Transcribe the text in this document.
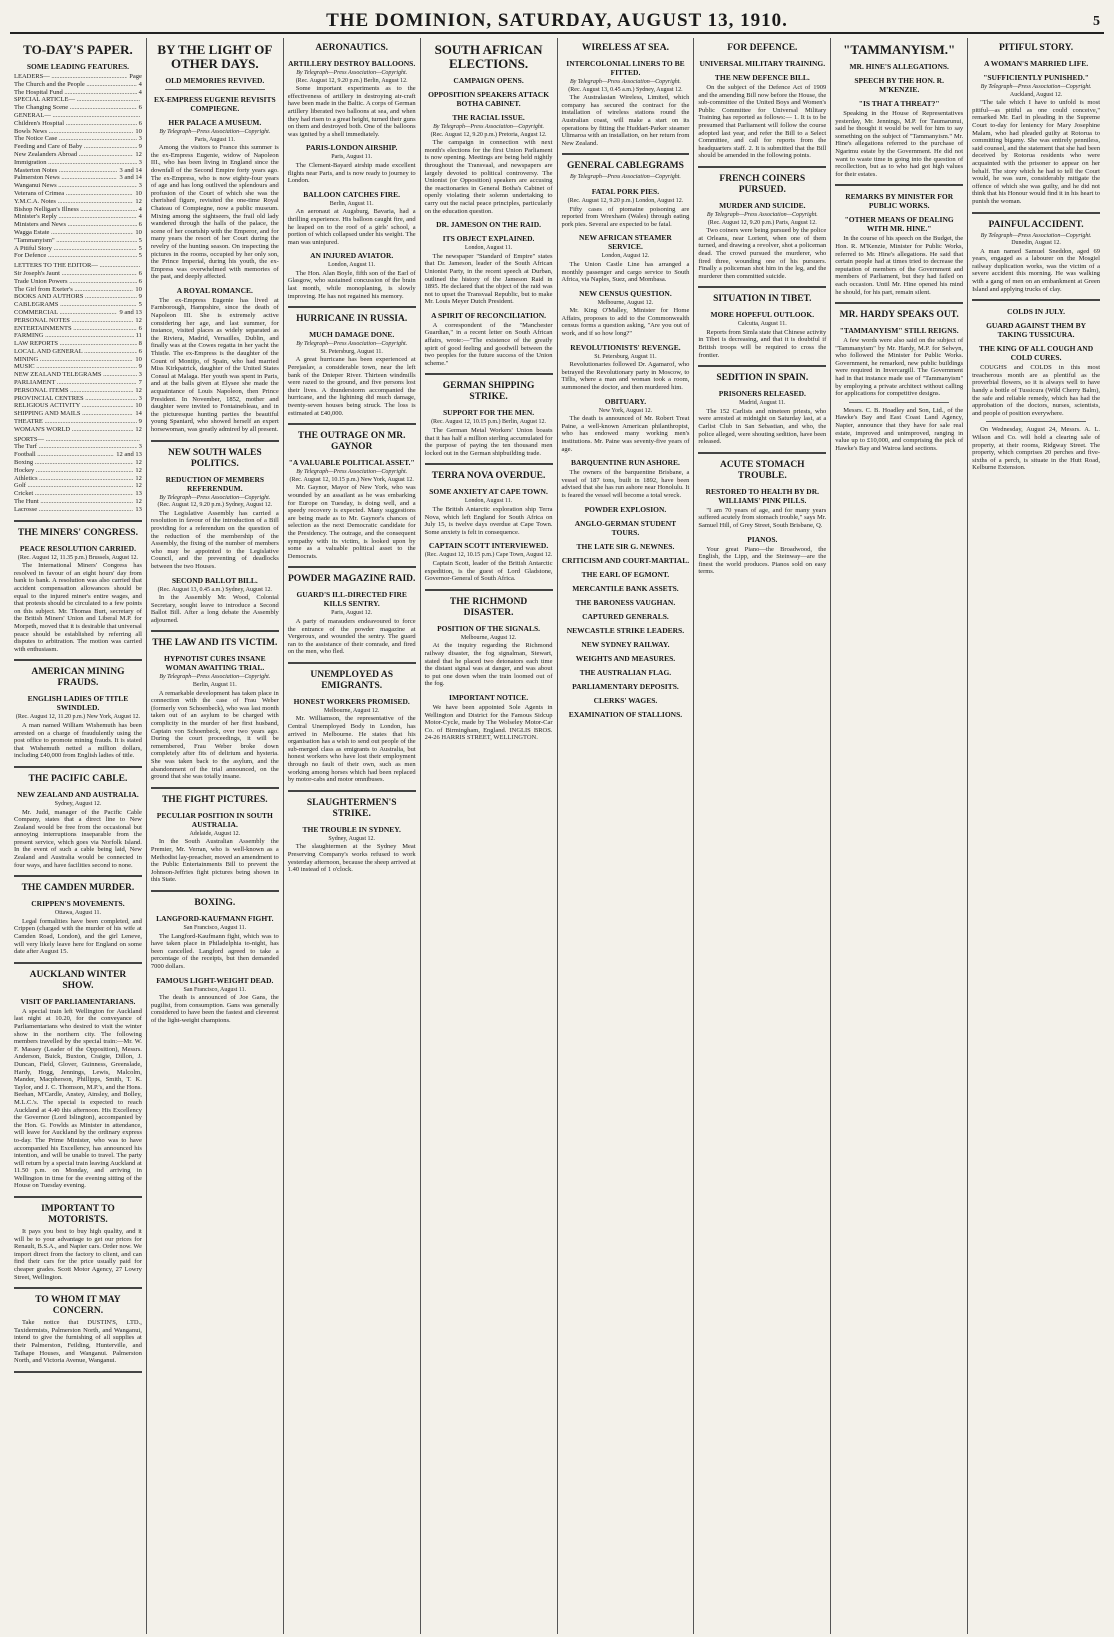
THE DOMINION, SATURDAY, AUGUST 13, 1910.	5
TO-DAY'S PAPER.
SOME LEADING FEATURES.
LEADERS— .....	Page
The Church and the People .....	4
The Hospital Fund .....	4
SPECIAL ARTICLE— .....
The Changing Scene .....	6
GENERAL— .....
Children's Hospital .....	6
Bowls News .....	10
The Notice Case .....	3
Feeding and Care of Baby .....	9
New Zealanders Abroad .....	12
Immigration .....	3
Masterton Notes .....	3 and 14
Palmerston News .....	3 and 14
Wanganui News .....	3
Veterans of Crimea .....	10
Y.M.C.A. Notes .....	12
Bishop Nelligan's Illness .....	4
Minister's Reply .....	4
Ministers and News .....	6
Wagga Estate .....	10
"Tammanyism" .....	5
A Pitiful Story .....	5
For Defence .....	5
LETTERS TO THE EDITOR— .....
Sir Joseph's Jaunt .....	6
Trade Union Powers .....	6
The Girl from Exeter's .....	10
BOOKS AND AUTHORS .....	9
CABLEGRAMS .....	5
COMMERCIAL .....	9 and 13
PERSONAL NOTES .....	12
ENTERTAINMENTS .....	6
FARMING .....	11
LAW REPORTS .....	8
LOCAL AND GENERAL .....	6
MINING .....	10
MUSIC .....	9
NEW ZEALAND TELEGRAMS .....	3
PARLIAMENT .....	7
PERSONAL ITEMS .....	12
PROVINCIAL CENTRES .....	3
RELIGIOUS ACTIVITY .....	10
SHIPPING AND MAILS .....	14
THEATRE .....	9
WOMAN'S WORLD .....	12
SPORTS— .....
The Turf .....	3
Football .....	12 and 13
Boxing .....	12
Hockey .....	12
Athletics .....	12
Golf .....	12
Cricket .....	13
The Hunt .....	12
Lacrosse .....	13
THE MINERS' CONGRESS.
PEACE RESOLUTION CARRIED.
(Rec. August 12, 11.35 p.m.) Brussels, August 12.

The International Miners' Congress has resolved in favour of an eight hours' day from bank to bank. A resolution was also carried that accident compensation allowances should be equal to the injured miner's entire wages, and that protests should be circulated to a few points on this subject. Mr. Thomas Burt, secretary of the British Miners' Union and Liberal M.P. for Morpeth, moved that it is desirable that universal peace should be established by referring all disputes to arbitration. The motion was carried with enthusiasm.

AMERICAN MINING FRAUDS.
ENGLISH LADIES OF TITLE SWINDLED.
(Rec. August 12, 11.20 p.m.) New York, August 12.

A man named William Wishemuth has been arrested on a charge of fraudulently using the post office to promote mining frauds. It is stated that Wishemuth netted a million dollars, including £40,000 from English ladies of title.

THE PACIFIC CABLE.
NEW ZEALAND AND AUSTRALIA.
Sydney, August 12.

Mr. Judd, manager of the Pacific Cable Company, states that a direct line to New Zealand would be free from the occasional but annoying interruptions inseparable from the present service, which goes via Norfolk Island. In the event of such a cable being laid, New Zealand and Australia would be connected in four ways, and have facilities second to none.

THE CAMDEN MURDER.
CRIPPEN'S MOVEMENTS.
Ottawa, August 11.

Legal formalities have been completed, and Crippen (charged with the murder of his wife at Camden Road, London), and the girl Leneve, will very likely leave here for England on some date after August 15.

AUCKLAND WINTER SHOW.
VISIT OF PARLIAMENTARIANS.

A special train left Wellington for Auckland last night at 10.20, for the conveyance of Parliamentarians who desired to visit the winter show in the northern city. The following members travelled by the special train:—Mr. W. F. Massey (Leader of the Opposition), Messrs. Anderson, Buick, Buxton, Craigie, Dillon, J. Duncan, Field, Glover, Guinness, Greenslade, Hardy, Hogg, Jennings, Lewis, Malcolm, Mander, Macpherson, Phillipps, Smith, T. K. Taylor, and J. C. Thomson, M.P.'s, and the Hons. Beehan, M'Cardle, Anstey, Ainsley, and Bolley, M.L.C.'s. The special is expected to reach Auckland at 4.40 this afternoon. His Excellency the Governor (Lord Islington), accompanied by the Hon. G. Fowlds as Minister in attendance, will leave for Auckland by the ordinary express to-day. The Prime Minister, who was to have accompanied his Excellency, has announced his intention, and will be unable to travel. The party will return by a special train leaving Auckland at 11.50 p.m. on Monday, and arriving in Wellington in time for the evening sitting of the House on Tuesday evening.

IMPORTANT TO MOTORISTS.

It pays you best to buy high quality, and it will be to your advantage to get our prices for Renault, B.S.A., and Napier cars. Order now. We import direct from the factory to client, and can find their cars for the price usually paid for cheaper grades. Scott Motor Agency, 27 Lowry Street, Wellington.

TO WHOM IT MAY CONCERN.

Take notice that DUSTIN'S, LTD., Taxidermists, Palmerston North, and Wanganui, intend to give the furnishing of all supplies at their Palmerston, Feilding, Hunterville, and Taihape Houses, and Wanganui. Palmerston North, and Victoria Avenue, Wanganui.

BY THE LIGHT OF OTHER DAYS.
OLD MEMORIES REVIVED.
EX-EMPRESS EUGENIE REVISITS COMPIEGNE.
HER PALACE A MUSEUM.
By Telegraph—Press Association—Copyright.
Paris, August 11.

Among the visitors to France this summer is the ex-Empress Eugenie, widow of Napoleon III., who has been living in England since the downfall of the Second Empire forty years ago. The ex-Empress, who is now eighty-four years of age and has long outlived the splendours and profusion of the Court of which she was the cherished figure, revisited the one-time Royal Chateau of Compiegne, now a public museum. Mixing among the sightseers, the frail old lady wandered through the halls of the palace, the scene of her courtship with the Emperor, and for many years the resort of her Court during the revelry of the hunting season. On inspecting the pictures in the rooms, occupied by her only son, the Prince Imperial, during his youth, the ex-Empress was overwhelmed with memories of the past, and deeply affected.

A ROYAL ROMANCE.

The ex-Empress Eugenie has lived at Farnborough, Hampshire, since the death of Napoleon III. She is extremely active considering her age, and last summer, for instance, visited places as widely separated as the Riviera, Madrid, Versailles, Dublin, and finally was at the Cowes regatta in her yacht the Thistle. The ex-Empress is the daughter of the Count of Montijo, of Spain, who had married Miss Kirkpatrick, daughter of the United States Consul at Malaga. Her youth was spent in Paris, and at the balls given at Elysee she made the acquaintance of Louis Napoleon, then Prince President. In November, 1852, mother and daughter were invited to Fontainebleau, and in the picturesque hunting parties the beautiful young Spaniard, who showed herself an expert horsewoman, was greatly admired by all present.

NEW SOUTH WALES POLITICS.
REDUCTION OF MEMBERS REFERENDUM.
By Telegraph—Press Association—Copyright.
(Rec. August 12, 9.20 p.m.) Sydney, August 12.

The Legislative Assembly has carried a resolution in favour of the introduction of a Bill providing for a referendum on the question of the reduction of the membership of the Assembly, the fixing of the number of members who may be appointed to the Legislative Council, and the preventing of deadlocks between the two Houses.

SECOND BALLOT BILL.
(Rec. August 13, 0.45 a.m.) Sydney, August 12.

In the Assembly Mr. Wood, Colonial Secretary, sought leave to introduce a Second Ballot Bill. After a long debate the Assembly adjourned.

THE LAW AND ITS VICTIM.
HYPNOTIST CURES INSANE WOMAN AWAITING TRIAL.
By Telegraph—Press Association—Copyright.
Berlin, August 11.

A remarkable development has taken place in connection with the case of Frau Weber (formerly von Schoenbeck), who was last month taken out of an asylum to be charged with complicity in the murder of her first husband, Captain von Schoenbeck, over two years ago. During the court proceedings, it will be remembered, Frau Weber broke down completely after fits of delirium and hysteria. She was taken back to the asylum, and the abandonment of the trial announced, on the ground that she was totally insane.

THE FIGHT PICTURES.
PECULIAR POSITION IN SOUTH AUSTRALIA.
Adelaide, August 12.

In the South Australian Assembly the Premier, Mr. Verran, who is well-known as a Methodist lay-preacher, moved an amendment to the Public Entertainments Bill to prevent the Johnson-Jeffries fight pictures being shown in this State.

BOXING.
LANGFORD-KAUFMANN FIGHT.
San Francisco, August 11.

The Langford-Kaufmann fight, which was to have taken place in Philadelphia to-night, has been cancelled. Langford agreed to take a percentage of the receipts, but then demanded 7000 dollars.

FAMOUS LIGHT-WEIGHT DEAD.
San Francisco, August 11.

The death is announced of Joe Gans, the pugilist, from consumption. Gans was generally considered to have been the fastest and cleverest of the light-weight champions.

AERONAUTICS.
ARTILLERY DESTROY BALLOONS.
By Telegraph—Press Association—Copyright.
(Rec. August 12, 9.20 p.m.) Berlin, August 12.

Some important experiments as to the effectiveness of artillery in destroying air-craft have been made in the Baltic. A corps of German artillery liberated two balloons at sea, and when they had risen to a great height, turned their guns on them and destroyed both. One of the balloons was ignited by a shell immediately.

PARIS-LONDON AIRSHIP.
Paris, August 11.

The Clement-Bayard airship made excellent flights near Paris, and is now ready to journey to London.

BALLOON CATCHES FIRE.
Berlin, August 11.

An aeronaut at Augsburg, Bavaria, had a thrilling experience. His balloon caught fire, and he leaped on to the roof of a girls' school, a portion of which collapsed under his weight. The man was uninjured.

AN INJURED AVIATOR.
London, August 11.

The Hon. Alan Boyle, fifth son of the Earl of Glasgow, who sustained concussion of the brain last month, while monoplaning, is slowly improving. He has not regained his memory.

HURRICANE IN RUSSIA.
MUCH DAMAGE DONE.
By Telegraph—Press Association—Copyright.
St. Petersburg, August 11.

A great hurricane has been experienced at Perejaslav, a considerable town, near the left bank of the Dnieper River. Thirteen windmills were razed to the ground, and five persons lost their lives. A thunderstorm accompanied the hurricane, and the lightning did much damage, twenty-seven houses being struck. The loss is estimated at £40,000.

THE OUTRAGE ON MR. GAYNOR
"A VALUABLE POLITICAL ASSET."
By Telegraph—Press Association—Copyright.
(Rec. August 12, 10.15 p.m.) New York, August 12.

Mr. Gaynor, Mayor of New York, who was wounded by an assailant as he was embarking for Europe on Tuesday, is doing well, and a speedy recovery is expected. Many suggestions are being made as to Mr. Gaynor's chances of selection as the next Democratic candidate for the Presidency. The outrage, and the consequent sympathy with its victim, is looked upon by some as a valuable political asset to the Democrats.

POWDER MAGAZINE RAID.
GUARD'S ILL-DIRECTED FIRE KILLS SENTRY.
Paris, August 12.

A party of marauders endeavoured to force the entrance of the powder magazine at Vergeroux, and wounded the sentry. The guard ran to the assistance of their comrade, and fired on the men, who fled.

UNEMPLOYED AS EMIGRANTS.
HONEST WORKERS PROMISED.
Melbourne, August 12.

Mr. Williamson, the representative of the Central Unemployed Body in London, has arrived in Melbourne. He states that his organisation has a wish to send out people of the sub-merged class as emigrants to Australia, but honest workers who have lost their employment through no fault of their own, such as men working among horses which had been replaced by motor-cabs and motor omnibuses.

SLAUGHTERMEN'S STRIKE.
THE TROUBLE IN SYDNEY.
Sydney, August 12.

The slaughtermen at the Sydney Meat Preserving Company's works refused to work yesterday afternoon, because the sheep arrived at 1.40 instead of 1 o'clock.

SOUTH AFRICAN ELECTIONS.
CAMPAIGN OPENS.
OPPOSITION SPEAKERS ATTACK BOTHA CABINET.
THE RACIAL ISSUE.
By Telegraph—Press Association—Copyright.
(Rec. August 12, 9.20 p.m.) Pretoria, August 12.

The campaign in connection with next month's elections for the first Union Parliament is now opening. Meetings are being held nightly throughout the Transvaal, and newspapers are largely devoted to political controversy. The Unionist (or Opposition) speakers are accusing the reactionaries in General Botha's Cabinet of openly violating their solemn undertaking to carry out the racial peace principles, particularly on the education question.

DR. JAMESON ON THE RAID.
ITS OBJECT EXPLAINED.
London, August 11.

The newspaper "Standard of Empire" states that Dr. Jameson, leader of the South African Unionist Party, in the recent speech at Durban, outlined the history of the Jameson Raid in 1895. He declared that the object of the raid was not to upset the Transvaal Republic, but to make Mr. Louis Meyer Dutch President.

A SPIRIT OF RECONCILIATION.

A correspondent of the "Manchester Guardian," in a recent letter on South African affairs, wrote:—"The existence of the greatly spirit of good feeling and goodwill between the two peoples for the future success of the Union scheme."

GERMAN SHIPPING STRIKE.
SUPPORT FOR THE MEN.
(Rec. August 12, 10.15 p.m.) Berlin, August 12.

The German Metal Workers' Union boasts that it has half a million sterling accumulated for the purpose of paying the ten thousand men locked out in the German shipbuilding trade.

TERRA NOVA OVERDUE.
SOME ANXIETY AT CAPE TOWN.
London, August 11.

The British Antarctic exploration ship Terra Nova, which left England for South Africa on July 15, is twelve days overdue at Cape Town. Some anxiety is felt in consequence.

CAPTAIN SCOTT INTERVIEWED.
(Rec. August 12, 10.15 p.m.) Cape Town, August 12.

Captain Scott, leader of the British Antarctic expedition, is the guest of Lord Gladstone, Governor-General of South Africa.

THE RICHMOND DISASTER.
POSITION OF THE SIGNALS.
Melbourne, August 12.

At the inquiry regarding the Richmond railway disaster, the fog signalman, Stewart, stated that he placed two detonators each time the distant signal was at danger, and was about to put one down when the train loomed out of the fog.

IMPORTANT NOTICE.

We have been appointed Sole Agents in Wellington and District for the Famous Sidcup Motor-Cycle, made by The Wolseley Motor-Car Co. of Birmingham, England. INGLIS BROS. 24-26 HARRIS STREET, WELLINGTON.

WIRELESS AT SEA.
INTERCOLONIAL LINERS TO BE FITTED.
By Telegraph—Press Association—Copyright.
(Rec. August 13, 0.45 a.m.) Sydney, August 12.

The Australasian Wireless, Limited, which company has secured the contract for the installation of wireless stations round the Australian coast, will make a start on its operations by fitting the Huddart-Parker steamer Ulimaroa with an installation, on her return from New Zealand.

GENERAL CABLEGRAMS
By Telegraph—Press Association—Copyright.
FATAL PORK PIES.
(Rec. August 12, 9.20 p.m.) London, August 12.

Fifty cases of ptomaine poisoning are reported from Wrexham (Wales) through eating pork pies. Several are expected to be fatal.

NEW AFRICAN STEAMER SERVICE.
London, August 12.

The Union Castle Line has arranged a monthly passenger and cargo service to South Africa, via Naples, Suez, and Mombasa.

NEW CENSUS QUESTION.
Melbourne, August 12.

Mr. King O'Malley, Minister for Home Affairs, proposes to add to the Commonwealth census forms a question asking, "Are you out of work, and if so how long?"

REVOLUTIONISTS' REVENGE.
St. Petersburg, August 11.

Revolutionaries followed Dr. Agamarof, who betrayed the Revolutionary party in Moscow, to Tiflis, where a man and woman took a room, summoned the doctor, and then murdered him.

OBITUARY.
New York, August 12.

The death is announced of Mr. Robert Treat Paine, a well-known American philanthropist, who has endowed many working men's institutions. Mr. Paine was seventy-five years of age.

BARQUENTINE RUN ASHORE.

The owners of the barquentine Brisbane, a vessel of 187 tons, built in 1892, have been advised that she has run ashore near Honolulu. It is feared the vessel will become a total wreck.

POWDER EXPLOSION.
ANGLO-GERMAN STUDENT TOURS.
THE LATE SIR G. NEWNES.
CRITICISM AND COURT-MARTIAL.
THE EARL OF EGMONT.
MERCANTILE BANK ASSETS.
THE BARONESS VAUGHAN.
CAPTURED GENERALS.
NEWCASTLE STRIKE LEADERS.
NEW SYDNEY RAILWAY.
WEIGHTS AND MEASURES.
THE AUSTRALIAN FLAG.
PARLIAMENTARY DEPOSITS.
CLERKS' WAGES.
EXAMINATION OF STALLIONS.
FOR DEFENCE.
UNIVERSAL MILITARY TRAINING.
THE NEW DEFENCE BILL.

On the subject of the Defence Act of 1909 and the amending Bill now before the House, the sub-committee of the United Boys and Women's Public Committee for Universal Military Training has reported as follows:— 1. It is to be presumed that Parliament will follow the course adopted last year, and refer the Bill to a Select Committee, and call for reports from the headquarters staff. 2. It is submitted that the Bill should be amended in the following points.

FRENCH COINERS PURSUED.
MURDER AND SUICIDE.
By Telegraph—Press Association—Copyright.
(Rec. August 12, 9.20 p.m.) Paris, August 12.

Two coiners were being pursued by the police at Orleans, near Lorient, when one of them turned, and drawing a revolver, shot a policeman dead. The crowd pursued the murderer, who fired three, wounding one of his pursuers. Finally a policeman shot him in the leg, and the murderer then committed suicide.

SITUATION IN TIBET.
MORE HOPEFUL OUTLOOK.
Calcutta, August 11.

Reports from Simla state that Chinese activity in Tibet is decreasing, and that it is doubtful if British troops will be required to cross the frontier.

SEDITION IN SPAIN.
PRISONERS RELEASED.
Madrid, August 11.

The 152 Carlists and nineteen priests, who were arrested at midnight on Saturday last, at a Carlist Club in San Sebastian, and who, the police alleged, were shouting sedition, have been released.

ACUTE STOMACH TROUBLE.
RESTORED TO HEALTH BY DR. WILLIAMS' PINK PILLS.

"I am 70 years of age, and for many years suffered acutely from stomach trouble," says Mr. Samuel Hill, of Grey Street, South Brisbane, Q.

PIANOS.

Your great Piano—the Broadwood, the English, the Lipp, and the Steinway—are the finest the world produces. Pianos sold on easy terms.

"TAMMANYISM."
MR. HINE'S ALLEGATIONS.
SPEECH BY THE HON. R. M'KENZIE.
"IS THAT A THREAT?"

Speaking in the House of Representatives yesterday, Mr. Jennings, M.P. for Taumarunui, said he thought it would be well for him to say something on the subject of "Tammanyism." Mr. Hine's allegations referred to the purchase of Ngarimu estate by the Government. He did not want to waste time in going into the question of recollection, but as to who had got high values for their estates.

REMARKS BY MINISTER FOR PUBLIC WORKS.
"OTHER MEANS OF DEALING WITH MR. HINE."

In the course of his speech on the Budget, the Hon. R. M'Kenzie, Minister for Public Works, referred to Mr. Hine's allegations. He said that certain people had at times tried to decrease the reputation of members of the Government and members of Parliament, but they had failed on each occasion. Until Mr. Hine opened his mind he should, for his part, remain silent.

MR. HARDY SPEAKS OUT.
"TAMMANYISM" STILL REIGNS.

A few words were also said on the subject of "Tammanyism" by Mr. Hardy, M.P. for Selwyn, who followed the Minister for Public Works. Government, he remarked, new public buildings were required in Invercargill. The Government had in that instance made use of "Tammanyism" by employing a private architect without calling for applications for competitive designs.

Messrs. C. B. Hoadley and Son, Ltd., of the Hawke's Bay and East Coast Land Agency, Napier, announce that they have for sale real estate, improved and unimproved, ranging in value up to £10,000, and comprising the pick of Hawke's Bay and Wairoa land sections.

PITIFUL STORY.
A WOMAN'S MARRIED LIFE.
"SUFFICIENTLY PUNISHED."
By Telegraph—Press Association—Copyright.
Auckland, August 12.

"The tale which I have to unfold is most pitiful—as pitiful as one could conceive," remarked Mr. Earl in pleading in the Supreme Court to-day for leniency for Mary Josephine Malam, who had pleaded guilty at Rotorua to committing bigamy. She was entirely penniless, said counsel, and the statement that she had been deceived by Rotorua residents who were acquainted with the prisoner to appear on her behalf. The story which he had to tell the Court would, he was sure, considerably mitigate the offence of which she was guilty, and he did not think that his Honour would find it in his heart to punish the woman.

PAINFUL ACCIDENT.
By Telegraph—Press Association—Copyright.
Dunedin, August 12.

A man named Samuel Sneddon, aged 69 years, engaged as a labourer on the Mosgiel railway duplication works, was the victim of a severe accident this morning. He was walking with a gang of men on an embankment at Green Island and applying trucks of clay.

COLDS IN JULY.
GUARD AGAINST THEM BY TAKING TUSSICURA.
THE KING OF ALL COUGH AND COLD CURES.

COUGHS and COLDS in this most treacherous month are as plentiful as the proverbial flowers, so it is always well to have handy a bottle of Tussicura (Wild Cherry Balm), the safe and reliable remedy, which has had the approbation of the doctors, nurses, scientists, and people of position everywhere.

On Wednesday, August 24, Messrs. A. L. Wilson and Co. will hold a clearing sale of property, at their rooms, Ridgway Street. The property, which comprises 20 perches and five-sixths of a perch, is situate in the Hutt Road, Kelburne Extension.
